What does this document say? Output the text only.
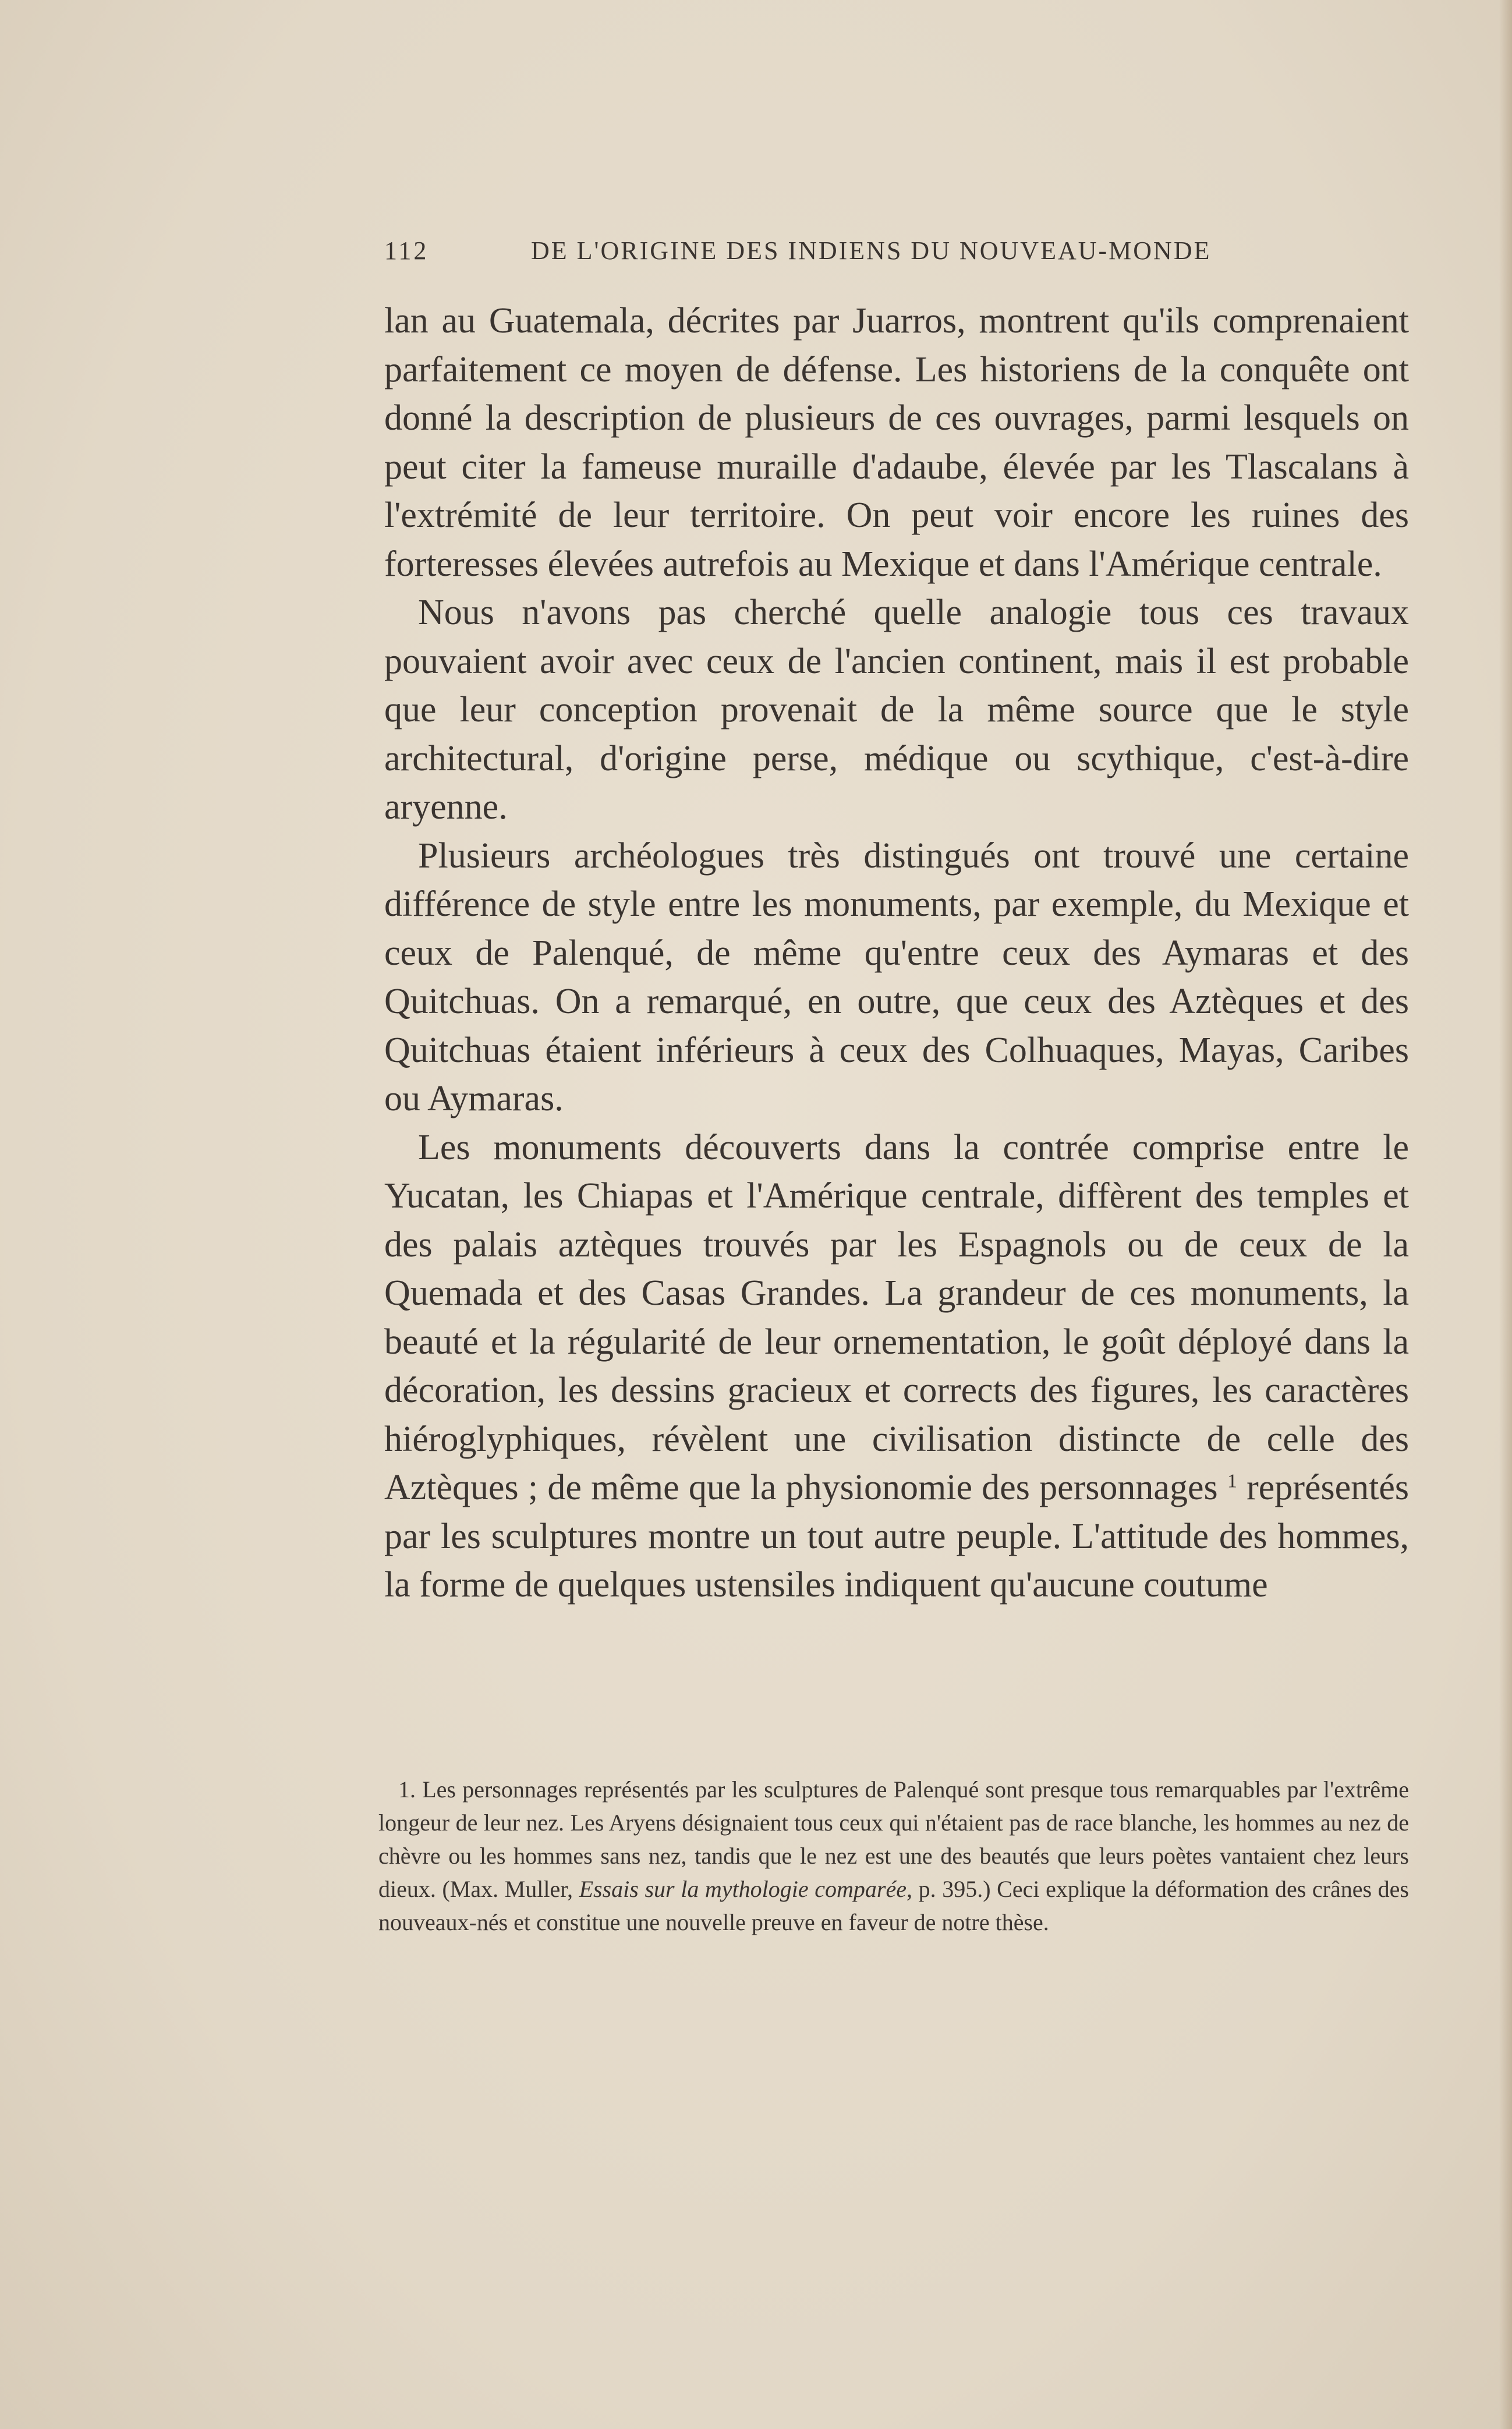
112	DE L'ORIGINE DES INDIENS DU NOUVEAU-MONDE

lan au Guatemala, décrites par Juarros, montrent qu'ils comprenaient parfaitement ce moyen de défense. Les historiens de la conquête ont donné la description de plusieurs de ces ouvrages, parmi lesquels on peut citer la fameuse muraille d'adaube, élevée par les Tlascalans à l'extrémité de leur territoire. On peut voir encore les ruines des forteresses élevées autrefois au Mexique et dans l'Amérique centrale.

Nous n'avons pas cherché quelle analogie tous ces travaux pouvaient avoir avec ceux de l'ancien continent, mais il est probable que leur conception provenait de la même source que le style architectural, d'origine perse, médique ou scythique, c'est-à-dire aryenne.

Plusieurs archéologues très distingués ont trouvé une certaine différence de style entre les monuments, par exemple, du Mexique et ceux de Palenqué, de même qu'entre ceux des Aymaras et des Quitchuas. On a remarqué, en outre, que ceux des Aztèques et des Quitchuas étaient inférieurs à ceux des Colhuaques, Mayas, Caribes ou Aymaras.

Les monuments découverts dans la contrée comprise entre le Yucatan, les Chiapas et l'Amérique centrale, diffèrent des temples et des palais aztèques trouvés par les Espagnols ou de ceux de la Quemada et des Casas Grandes. La grandeur de ces monuments, la beauté et la régularité de leur ornementation, le goût déployé dans la décoration, les dessins gracieux et corrects des figures, les caractères hiéroglyphiques, révèlent une civilisation distincte de celle des Aztèques ; de même que la physionomie des personnages $^1$ représentés par les sculptures montre un tout autre peuple. L'attitude des hommes, la forme de quelques ustensiles indiquent qu'aucune coutume

1. Les personnages représentés par les sculptures de Palenqué sont presque tous remarquables par l'extrême longeur de leur nez. Les Aryens désignaient tous ceux qui n'étaient pas de race blanche, les hommes au nez de chèvre ou les hommes sans nez, tandis que le nez est une des beautés que leurs poètes vantaient chez leurs dieux. (Max. Muller, Essais sur la mythologie comparée, p. 395.) Ceci explique la déformation des crânes des nouveaux-nés et constitue une nouvelle preuve en faveur de notre thèse.
